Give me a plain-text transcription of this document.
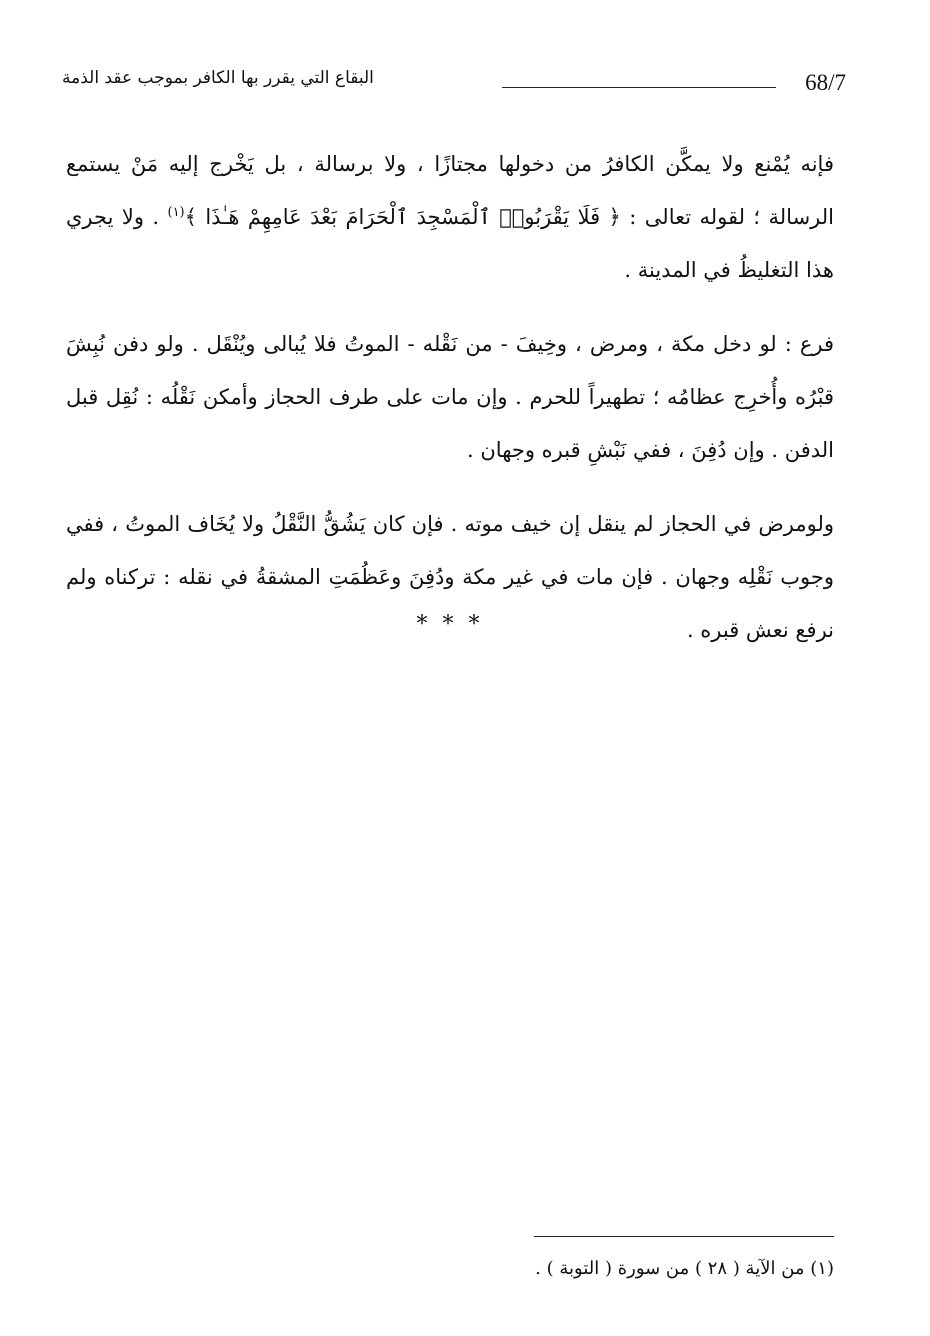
68/7
البقاع التي يقرر بها الكافر بموجب عقد الذمة

فإنه يُمْنع ولا يمكَّن الكافرُ من دخولها مجتازًا ، ولا برسالة ، بل يَخْرج إليه مَنْ يستمع الرسالة ؛ لقوله تعالى : ﴿ فَلَا يَقْرَبُوا۟ ٱلْمَسْجِدَ ٱلْحَرَامَ بَعْدَ عَامِهِمْ هَـٰذَا ﴾$^{(١)}$ . ولا يجري هذا التغليظُ في المدينة .

فرع : لو دخل مكة ، ومرض ، وخِيفَ - من نَقْله - الموتُ فلا يُبالى ويُنْقَل . ولو دفن نُبِشَ قبْرُه وأُخرِج عظامُه ؛ تطهيراً للحرم . وإن مات على طرف الحجاز وأمكن نَقْلُه : نُقِل قبل الدفن . وإن دُفِنَ ، ففي نَبْشِ قبره وجهان .

ولومرض في الحجاز لم ينقل إن خيف موته . فإن كان يَشُقُّ النَّقْلُ ولا يُخَاف الموتُ ، ففي وجوب نَقْلِه وجهان . فإن مات في غير مكة ودُفِنَ وعَظُمَتِ المشقةُ في نقله : تركناه ولم نرفع نعش قبره .

* * *
(١) من الآية ( ٢٨ ) من سورة ( التوبة ) .
